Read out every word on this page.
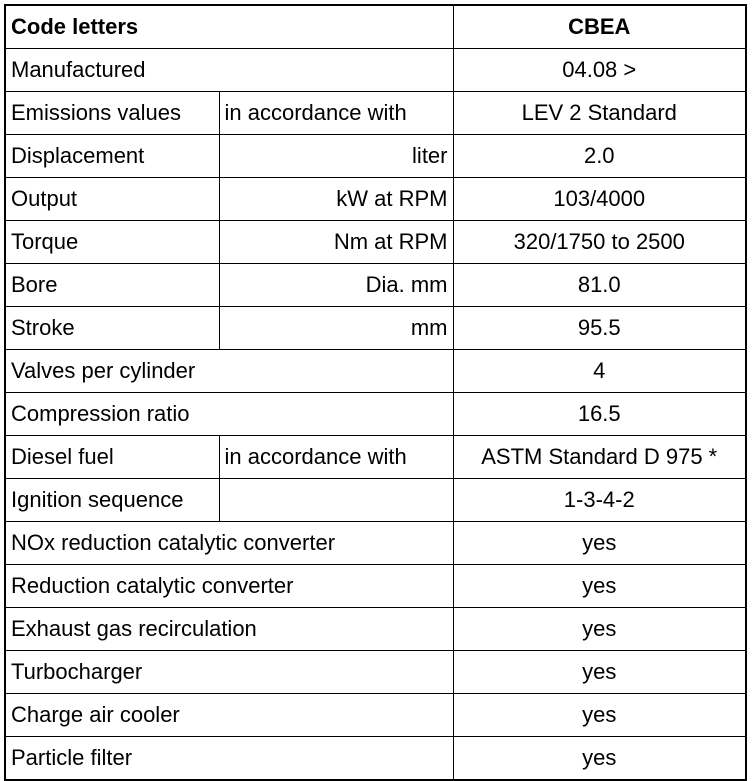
Code letters		CBEA
Manufactured		04.08 >
Emissions values	in accordance with	LEV 2 Standard
Displacement	liter	2.0
Output	kW at RPM	103/4000
Torque	Nm at RPM	320/1750 to 2500
Bore	Dia. mm	81.0
Stroke	mm	95.5
Valves per cylinder		4
Compression ratio		16.5
Diesel fuel	in accordance with	ASTM Standard D 975 *
Ignition sequence		1-3-4-2
NOx reduction catalytic converter		yes
Reduction catalytic converter		yes
Exhaust gas recirculation		yes
Turbocharger		yes
Charge air cooler		yes
Particle filter		yes
